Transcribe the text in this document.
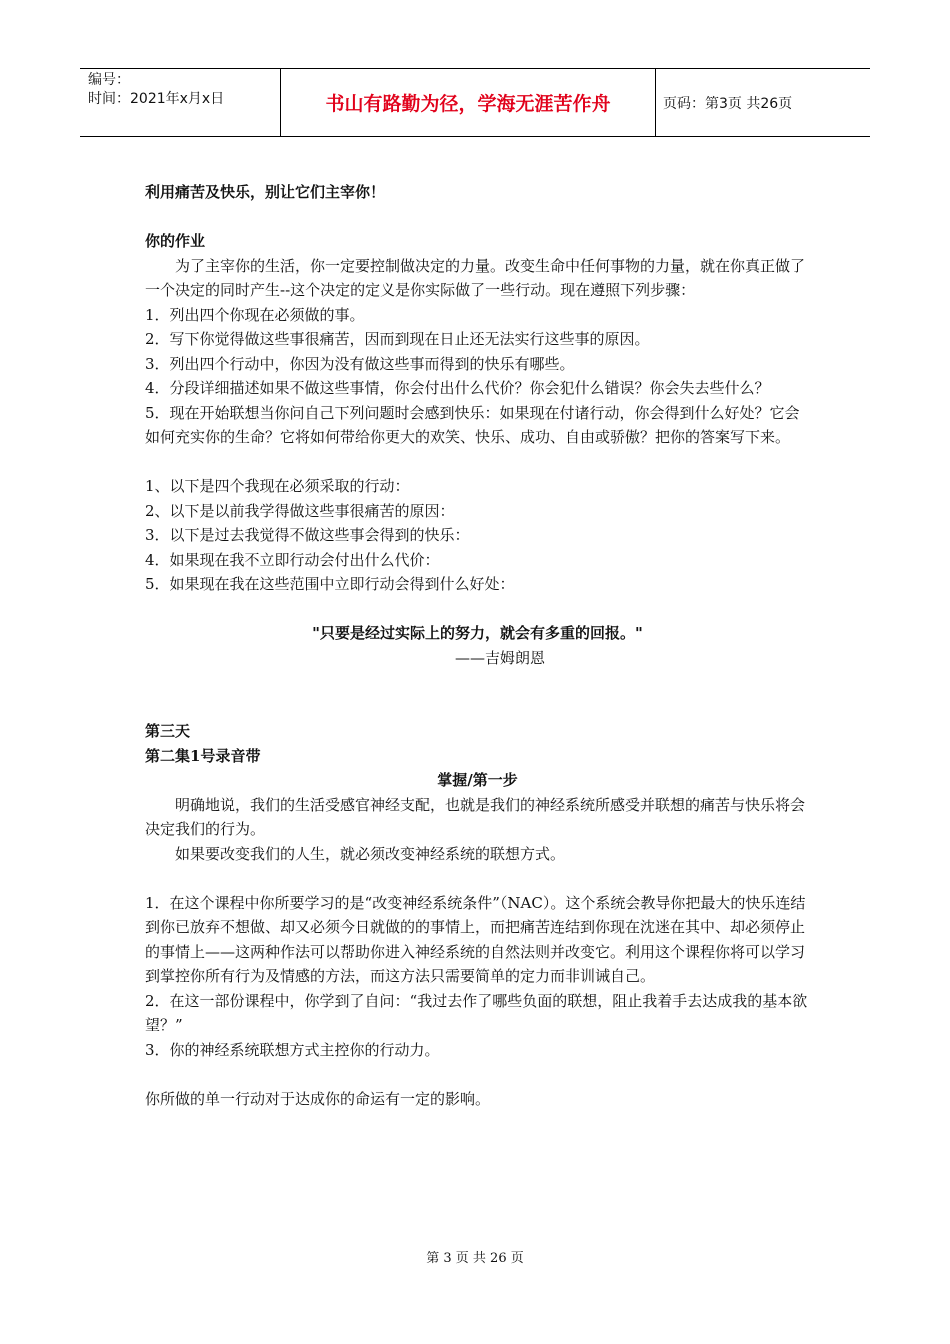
编号：
时间：2021年x月x日	书山有路勤为径，学海无涯苦作舟	页码：第3页 共26页

利用痛苦及快乐，别让它们主宰你！

你的作业

为了主宰你的生活，你一定要控制做决定的力量。改变生命中任何事物的力量，就在你真正做了一个决定的同时产生--这个决定的定义是你实际做了一些行动。现在遵照下列步骤：

1．列出四个你现在必须做的事。

2．写下你觉得做这些事很痛苦，因而到现在日止还无法实行这些事的原因。

3．列出四个行动中，你因为没有做这些事而得到的快乐有哪些。

4．分段详细描述如果不做这些事情，你会付出什么代价？你会犯什么错误？你会失去些什么？

5．现在开始联想当你问自己下列问题时会感到快乐：如果现在付诸行动，你会得到什么好处？它会如何充实你的生命？它将如何带给你更大的欢笑、快乐、成功、自由或骄傲？把你的答案写下来。

1、以下是四个我现在必须采取的行动：

2、以下是以前我学得做这些事很痛苦的原因：

3．以下是过去我觉得不做这些事会得到的快乐：

4．如果现在我不立即行动会付出什么代价：

5．如果现在我在这些范围中立即行动会得到什么好处：

"只要是经过实际上的努力，就会有多重的回报。"

——吉姆朗恩

第三天

第二集1号录音带

掌握/第一步

明确地说，我们的生活受感官神经支配，也就是我们的神经系统所感受并联想的痛苦与快乐将会决定我们的行为。

如果要改变我们的人生，就必须改变神经系统的联想方式。

1．在这个课程中你所要学习的是“改变神经系统条件”（NAC）。这个系统会教导你把最大的快乐连结到你已放弃不想做、却又必须今日就做的的事情上，而把痛苦连结到你现在沈迷在其中、却必须停止的事情上——这两种作法可以帮助你进入神经系统的自然法则并改变它。利用这个课程你将可以学习到掌控你所有行为及情感的方法，而这方法只需要简单的定力而非训诫自己。

2．在这一部份课程中，你学到了自问：“我过去作了哪些负面的联想，阻止我着手去达成我的基本欲望？”

3．你的神经系统联想方式主控你的行动力。

你所做的单一行动对于达成你的命运有一定的影响。

第 3 页 共 26 页
